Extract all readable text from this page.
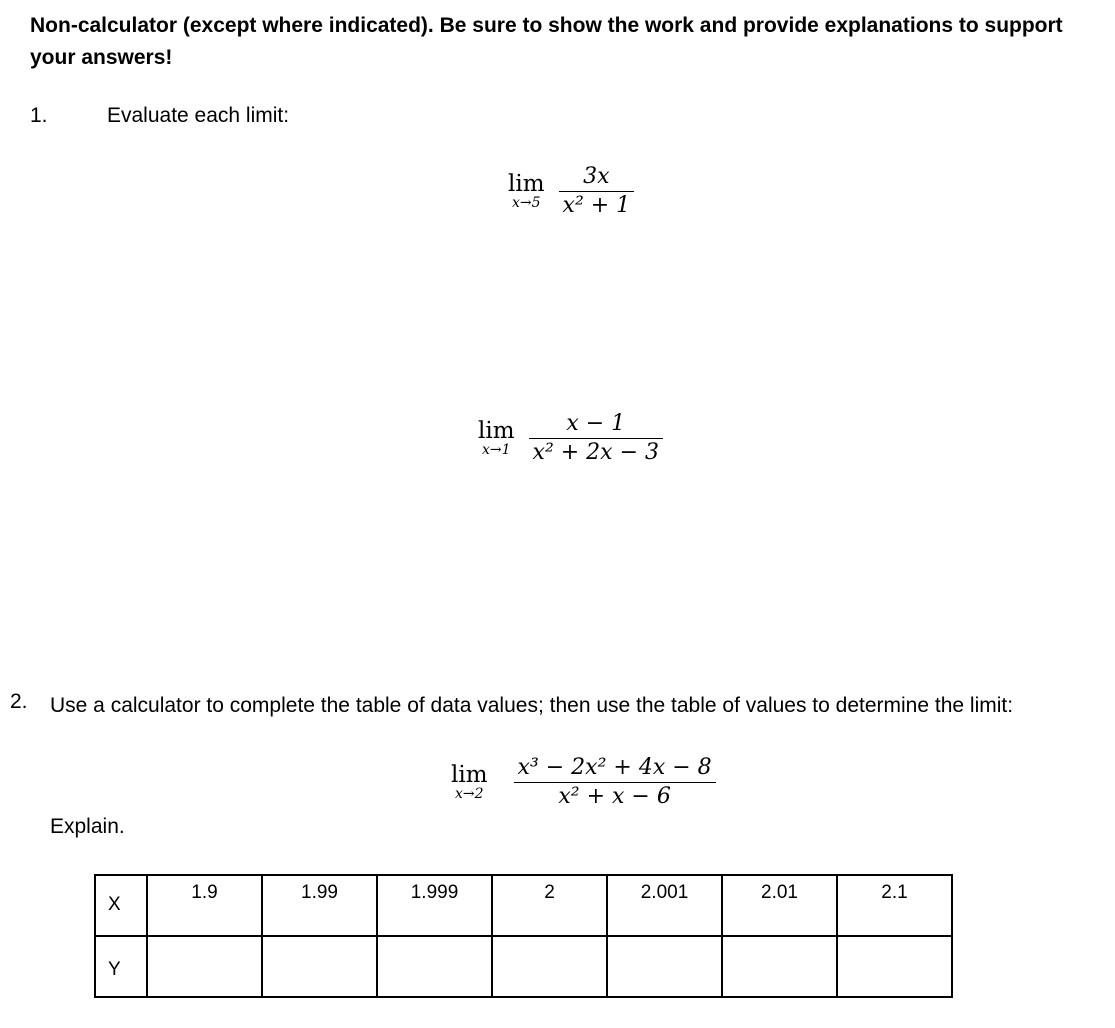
Non-calculator (except where indicated). Be sure to show the work and provide explanations to support your answers!
1.	Evaluate each limit:
lim
$x\to 5 \frac{3x}{\text{x² + 1}}$
lim
$x\to 1 \frac{x - 1}{\text{x² + 2x − 3}}$
2. Use a calculator to complete the table of data values; then use the table of values to determine the limit:
lim
$x\to 2 \frac{\text{x³ − 2x² + 4x − 8}}{\text{x² + x − 6}}$
Explain.
X	1.9	1.99	1.999	2	2.001	2.01	2.1
Y							
